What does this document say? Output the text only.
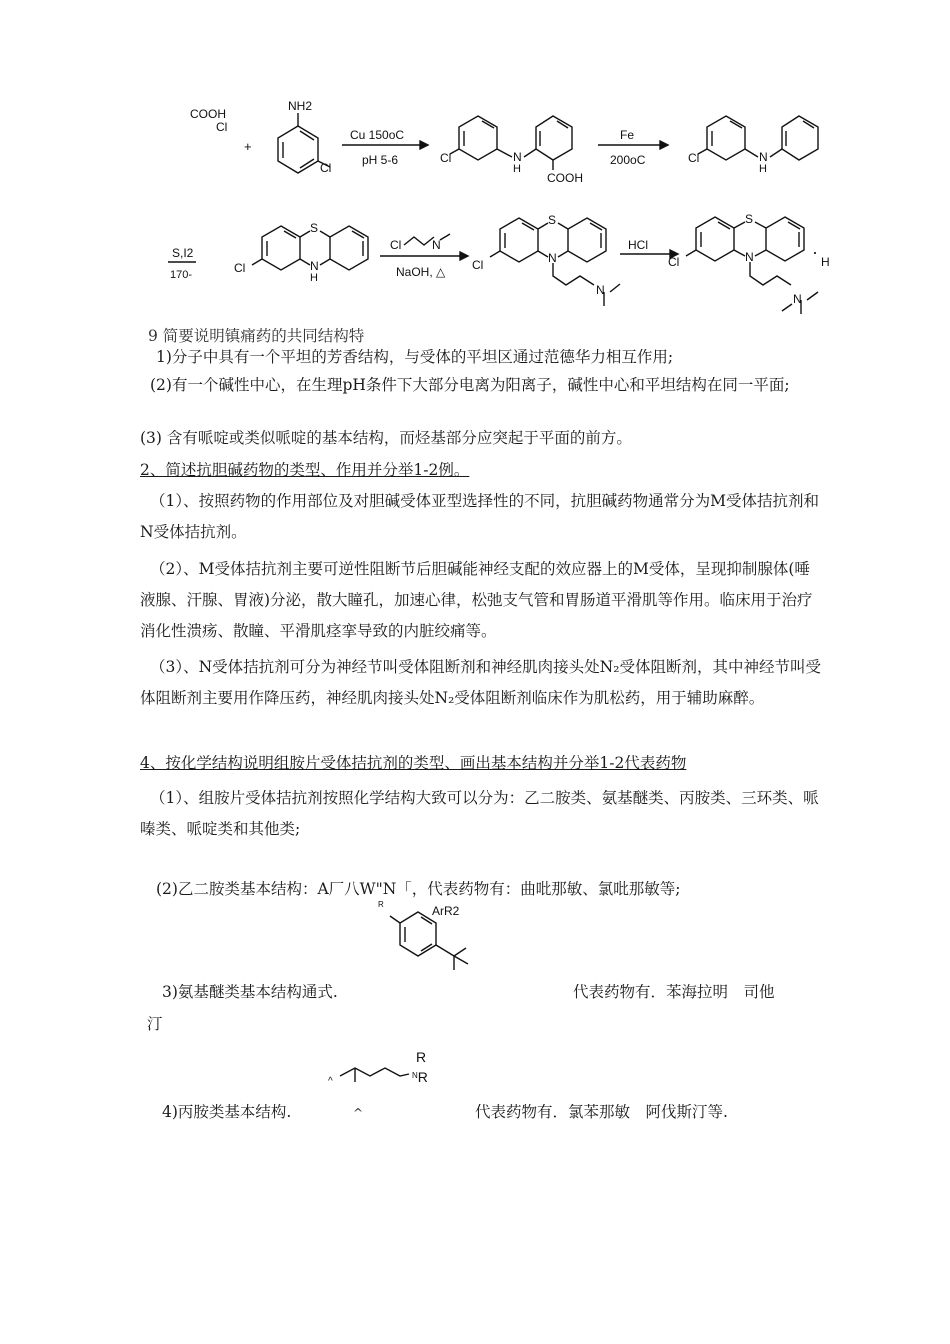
COOH
Cl
+
NH2
Cl
Cu 150oC
pH 5-6	Cl	N
H
COOH
Fe
200oC	Cl	N
H
S,I2
170-	Cl
S
N
H
Cl	N
NaOH, △ Cl
S
N
N
HCl
Cl
S
N
N
· H
9 简要说明镇痛药的共同结构特
1)分子中具有一个平坦的芳香结构，与受体的平坦区通过范德华力相互作用;
(2)有一个碱性中心，在生理pH条件下大部分电离为阳离子，碱性中心和平坦结构在同一平面;
(3) 含有哌啶或类似哌啶的基本结构，而烃基部分应突起于平面的前方。
2、简述抗胆碱药物的类型、作用并分举1-2例。
（1）、按照药物的作用部位及对胆碱受体亚型选择性的不同，抗胆碱药物通常分为M受体拮抗剂和N受体拮抗剂。
（2）、M受体拮抗剂主要可逆性阻断节后胆碱能神经支配的效应器上的M受体，呈现抑制腺体(唾液腺、汗腺、胃液)分泌，散大瞳孔，加速心律，松弛支气管和胃肠道平滑肌等作用。临床用于治疗消化性溃疡、散瞳、平滑肌痉挛导致的内脏绞痛等。
（3）、N受体拮抗剂可分为神经节叫受体阻断剂和神经肌肉接头处N₂受体阻断剂，其中神经节叫受体阻断剂主要用作降压药，神经肌肉接头处N₂受体阻断剂临床作为肌松药，用于辅助麻醉。
4、按化学结构说明组胺片受体拮抗剂的类型、画出基本结构并分举1-2代表药物
（1）、组胺片受体拮抗剂按照化学结构大致可以分为：乙二胺类、氨基醚类、丙胺类、三环类、哌嗪类、哌啶类和其他类;
(2)乙二胺类基本结构：A厂八W"N「，代表药物有：曲吡那敏、氯吡那敏等;
R	ArR2
3)氨基醚类基本结构通式.	代表药物有．苯海拉明　司他
汀
^
R
$^N$R
4)丙胺类基本结构.	^	代表药物有．氯苯那敏　阿伐斯汀等.
